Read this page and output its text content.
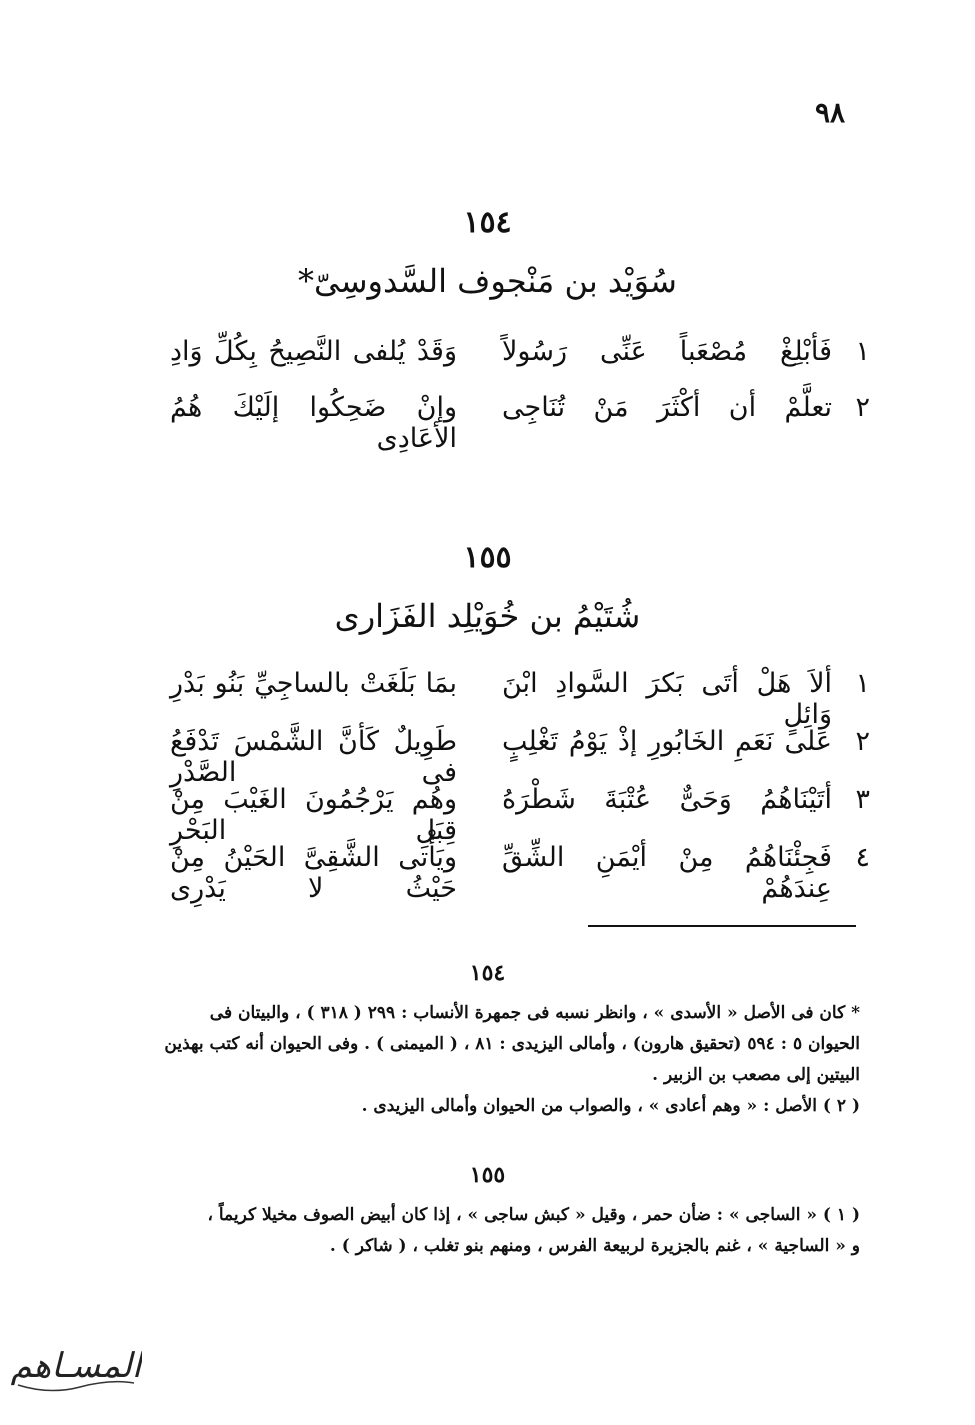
٩٨
١٥٤
سُوَيْد بن مَنْجوف السَّدوسِىّ*
١
فَأبْلِغْ مُصْعَباً عَنِّى رَسُولاً
وَقَدْ يُلفى النَّصِيحُ بِكُلِّ وَادِ
٢
تعلَّمْ أن أكْثَرَ مَنْ تُنَاجِى
وإنْ ضَحِكُوا إلَيْكَ هُمُ الأعَادِى
١٥٥
شُتَيْمُ بن خُوَيْلِد الفَزَارى
١
ألاَ هَلْ أتَى بَكرَ السَّوادِ ابْنَ وَائِلٍ
بمَا بَلَغَتْ بالساجِيِّ بَنُو بَدْرِ
٢
عَلى نَعَمِ الخَابُورِ إذْ يَوْمُ تَغْلِبٍ
طَوِيلٌ كَأنَّ الشَّمْسَ تَدْفَعُ فى الصَّدْرِ
٣
أتَيْنَاهُمُ وَحَىٌّ عُتْبَةَ شَطْرَهُ
وهُم يَرْجُمُونَ الغَيْبَ مِنْ قِبَلِ البَحْرِ
٤
فَجِئْنَاهُمُ مِنْ أيْمَنِ الشِّقِّ عِندَهُمْ
ويَأْتى الشَّقِىَّ الحَيْنُ مِنْ حَيْثُ لا يَدْرِى
١٥٤
* كان فى الأصل « الأسدى » ، وانظر نسبه فى جمهرة الأنساب : ٢٩٩ ( ٣١٨ ) ، والبيتان فى
الحيوان ٥ : ٥٩٤ (تحقيق هارون) ، وأمالى اليزيدى : ٨١ ، ( الميمنى ) . وفى الحيوان أنه كتب بهذين
البيتين إلى مصعب بن الزبير .
( ٢ ) الأصل : « وهم أعادى » ، والصواب من الحيوان وأمالى اليزيدى .
١٥٥
( ١ ) « الساجى » : ضأن حمر ، وقيل « كبش ساجى » ، إذا كان أبيض الصوف مخيلا كريماً ،
و « الساجية » ، غنم بالجزيرة لربيعة الفرس ، ومنهم بنو تغلب ، ( شاكر ) .
المسـاهم
